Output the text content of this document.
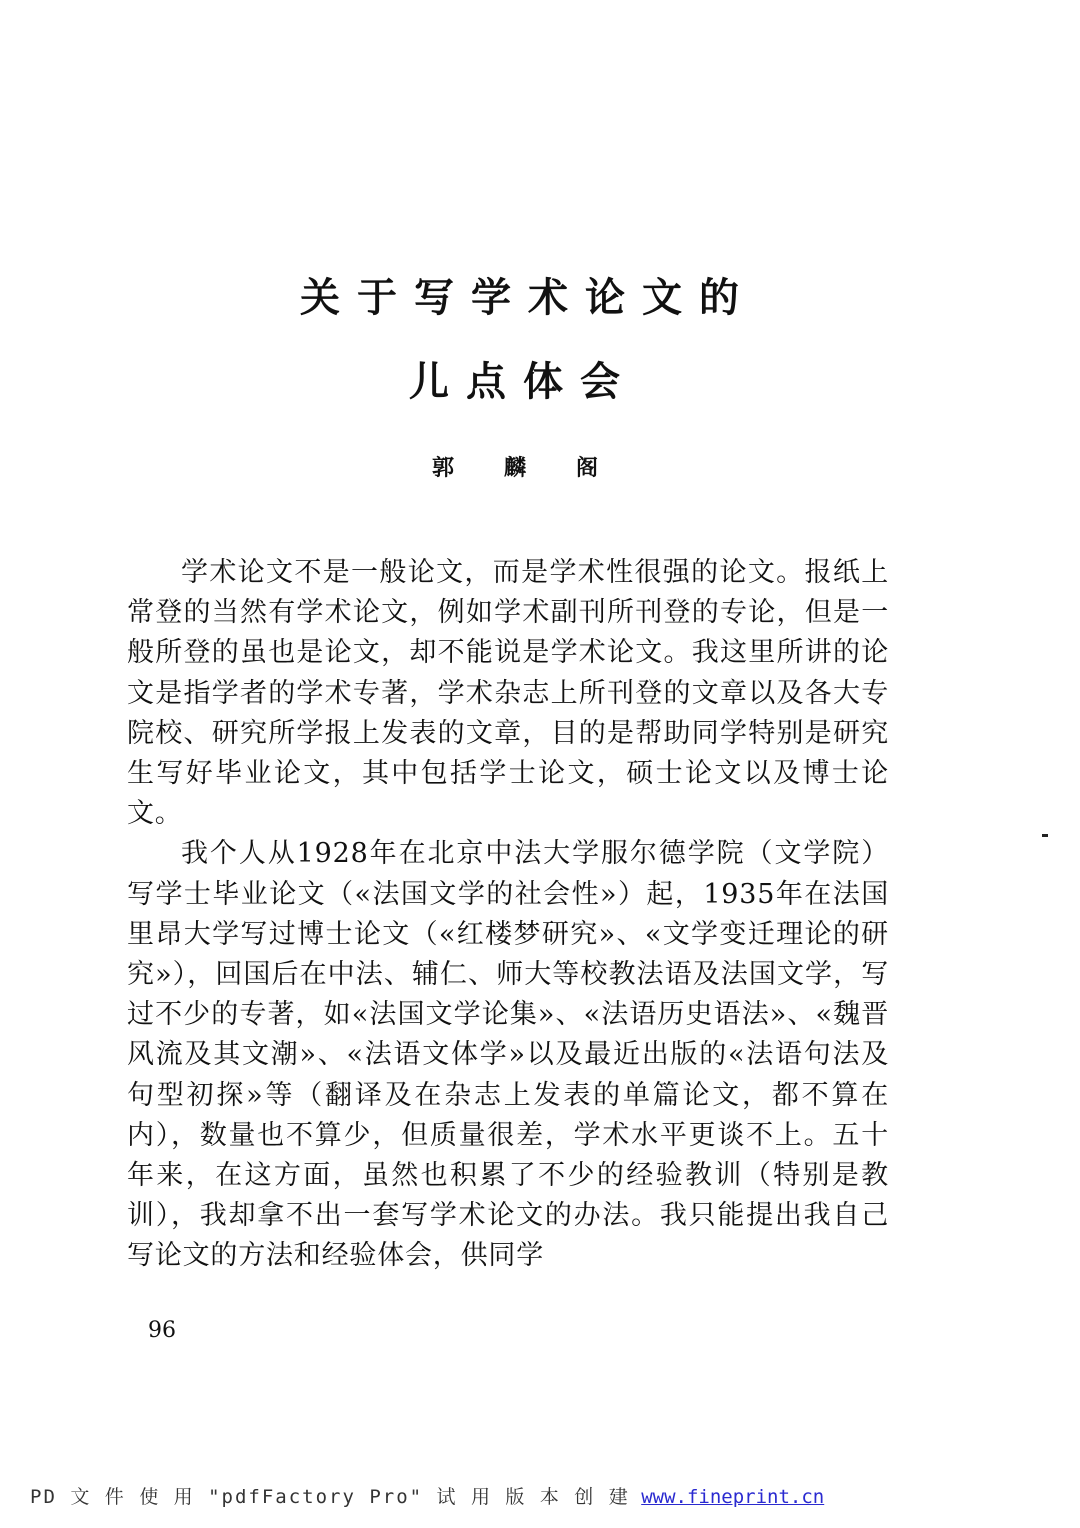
关于写学术论文的
儿点体会
郭麟阁

学术论文不是一般论文，而是学术性很强的论文。报纸上常登的当然有学术论文，例如学术副刊所刊登的专论，但是一般所登的虽也是论文，却不能说是学术论文。我这里所讲的论文是指学者的学术专著，学术杂志上所刊登的文章以及各大专院校、研究所学报上发表的文章，目的是帮助同学特别是研究生写好毕业论文，其中包括学士论文，硕士论文以及博士论文。

我个人从1928年在北京中法大学服尔德学院（文学院）写学士毕业论文（«法国文学的社会性»）起，1935年在法国里昂大学写过博士论文（«红楼梦研究»、«文学变迁理论的研究»），回国后在中法、辅仁、师大等校教法语及法国文学，写过不少的专著，如«法国文学论集»、«法语历史语法»、«魏晋风流及其文潮»、«法语文体学»以及最近出版的«法语句法及句型初探»等（翻译及在杂志上发表的单篇论文，都不算在内），数量也不算少，但质量很差，学术水平更谈不上。五十年来，在这方面，虽然也积累了不少的经验教训（特别是教训），我却拿不出一套写学术论文的办法。我只能提出我自己写论文的方法和经验体会，供同学

96
PD 文 件 使 用 "pdfFactory Pro" 试 用 版 本 创 建 www.fineprint.cn
